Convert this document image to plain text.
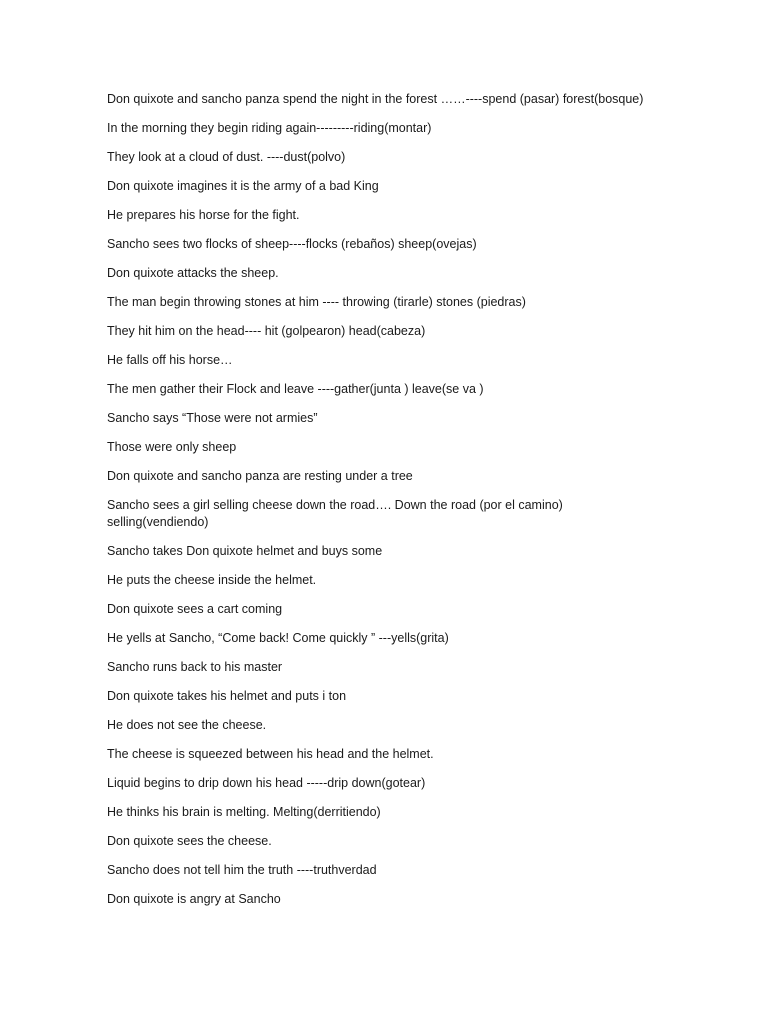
Don quixote and sancho panza spend the night in the forest ……----spend (pasar) forest(bosque)

In the morning they begin riding again---------riding(montar)

They look at a cloud of dust. ----dust(polvo)

Don quixote imagines it is the army of a bad King

He prepares his horse for the fight.

Sancho sees two flocks of sheep----flocks (rebaños) sheep(ovejas)

Don quixote attacks the sheep.

The man begin throwing stones at him ---- throwing (tirarle) stones (piedras)

They hit him on the head---- hit (golpearon) head(cabeza)

He falls off his horse…

The men gather their Flock and leave ----gather(junta ) leave(se va )

Sancho says “Those were not armies”

Those were only sheep

Don quixote and sancho panza are resting under a tree

Sancho sees a girl selling cheese down the road…. Down the road (por el camino) selling(vendiendo)

Sancho takes Don quixote helmet and buys some

He puts the cheese inside the helmet.

Don quixote sees a cart coming

He yells at Sancho, “Come back! Come quickly ” ---yells(grita)

Sancho runs back to his master

Don quixote takes his helmet and puts i ton

He does not see the cheese.

The cheese is squeezed between his head and the helmet.

Liquid begins to drip down his head -----drip down(gotear)

He thinks his brain is melting. Melting(derritiendo)

Don quixote sees the cheese.

Sancho does not tell him the truth ----truthverdad

Don quixote is angry at Sancho
